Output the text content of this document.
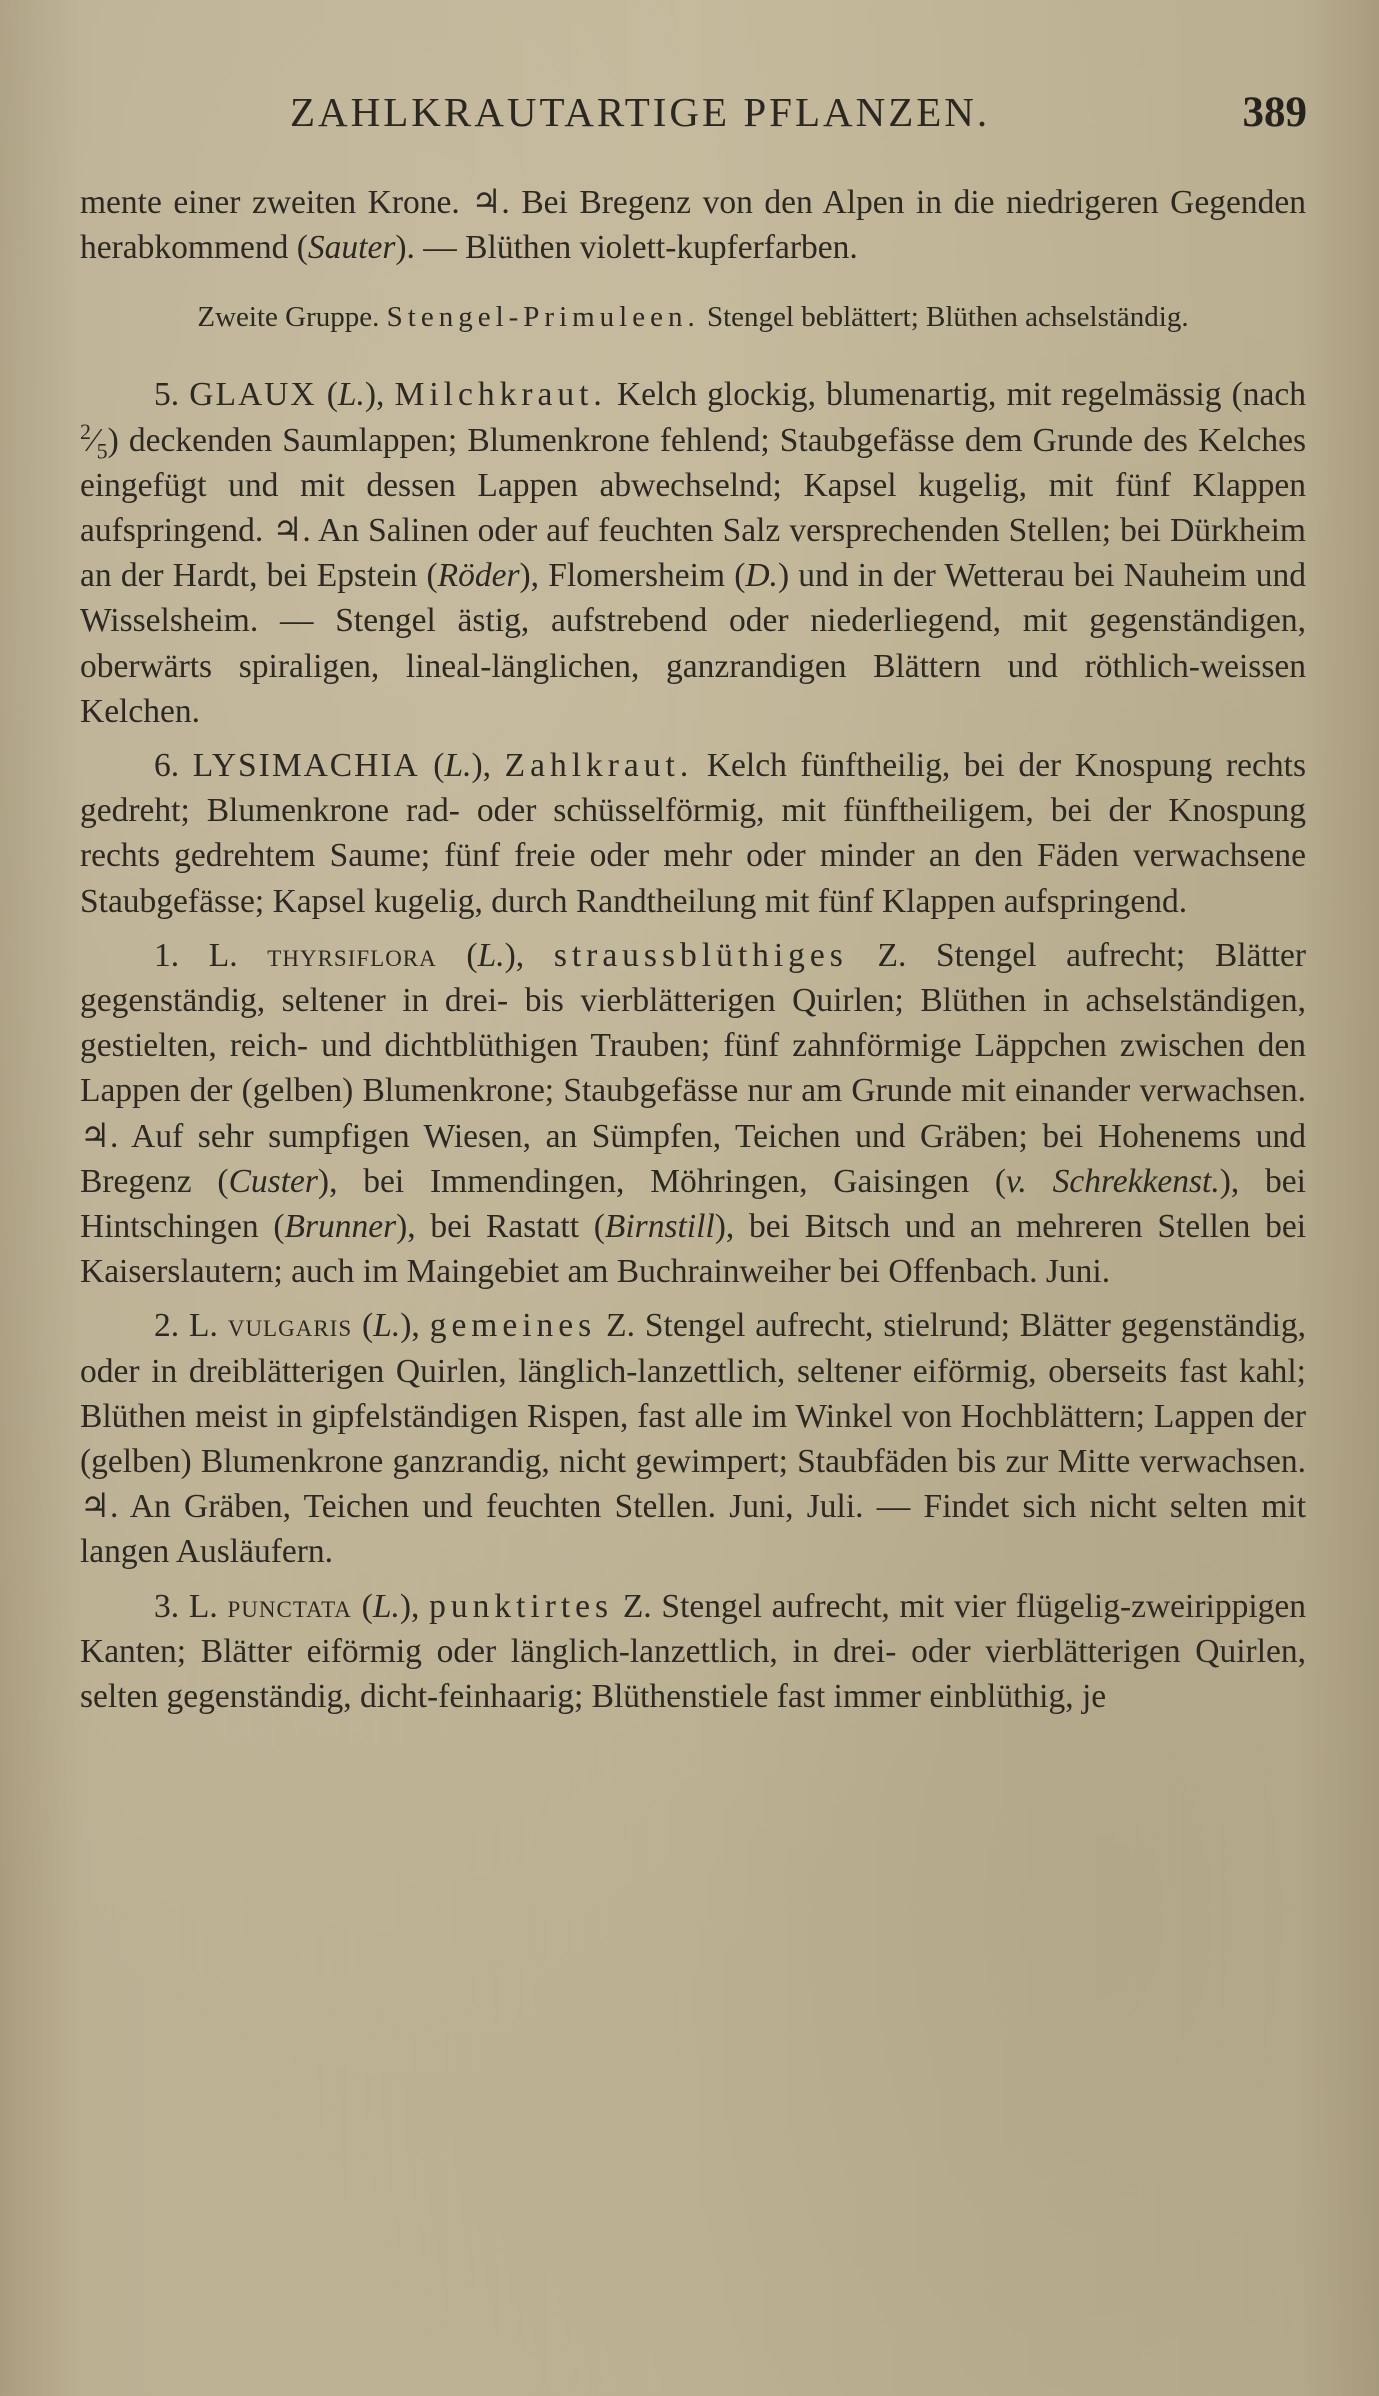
ZAHLKRAUTARTIGE PFLANZEN.	389

mente einer zweiten Krone. ♃. Bei Bregenz von den Alpen in die niedrigeren Gegenden herabkommend (Sauter). — Blüthen violett-kupferfarben.

Zweite Gruppe. Stengel-Primuleen. Stengel beblättert; Blüthen achselständig.

5. GLAUX (L.), Milchkraut. Kelch glockig, blumenartig, mit regelmässig (nach $^2⁄_5$) deckenden Saumlappen; Blumenkrone fehlend; Staubgefässe dem Grunde des Kelches eingefügt und mit dessen Lappen abwechselnd; Kapsel kugelig, mit fünf Klappen aufspringend. ♃. An Salinen oder auf feuchten Salz versprechenden Stellen; bei Dürkheim an der Hardt, bei Epstein (Röder), Flomersheim (D.) und in der Wetterau bei Nauheim und Wisselsheim. — Stengel ästig, aufstrebend oder niederliegend, mit gegenständigen, oberwärts spiraligen, lineal-länglichen, ganzrandigen Blättern und röthlich-weissen Kelchen.

6. LYSIMACHIA (L.), Zahlkraut. Kelch fünftheilig, bei der Knospung rechts gedreht; Blumenkrone rad- oder schüsselförmig, mit fünftheiligem, bei der Knospung rechts gedrehtem Saume; fünf freie oder mehr oder minder an den Fäden verwachsene Staubgefässe; Kapsel kugelig, durch Randtheilung mit fünf Klappen aufspringend.

1. L. thyrsiflora (L.), straussblüthiges Z. Stengel aufrecht; Blätter gegenständig, seltener in drei- bis vierblätterigen Quirlen; Blüthen in achselständigen, gestielten, reich- und dichtblüthigen Trauben; fünf zahnförmige Läppchen zwischen den Lappen der (gelben) Blumenkrone; Staubgefässe nur am Grunde mit einander verwachsen. ♃. Auf sehr sumpfigen Wiesen, an Sümpfen, Teichen und Gräben; bei Hohenems und Bregenz (Custer), bei Immendingen, Möhringen, Gaisingen (v. Schrekkenst.), bei Hintschingen (Brunner), bei Rastatt (Birnstill), bei Bitsch und an mehreren Stellen bei Kaiserslautern; auch im Maingebiet am Buchrainweiher bei Offenbach. Juni.

2. L. vulgaris (L.), gemeines Z. Stengel aufrecht, stielrund; Blätter gegenständig, oder in dreiblätterigen Quirlen, länglich-lanzettlich, seltener eiförmig, oberseits fast kahl; Blüthen meist in gipfelständigen Rispen, fast alle im Winkel von Hochblättern; Lappen der (gelben) Blumenkrone ganzrandig, nicht gewimpert; Staubfäden bis zur Mitte verwachsen. ♃. An Gräben, Teichen und feuchten Stellen. Juni, Juli. — Findet sich nicht selten mit langen Ausläufern.

3. L. punctata (L.), punktirtes Z. Stengel aufrecht, mit vier flügelig-zweirippigen Kanten; Blätter eiförmig oder länglich-lanzettlich, in drei- oder vierblätterigen Quirlen, selten gegenständig, dicht-feinhaarig; Blüthenstiele fast immer einblüthig, je
